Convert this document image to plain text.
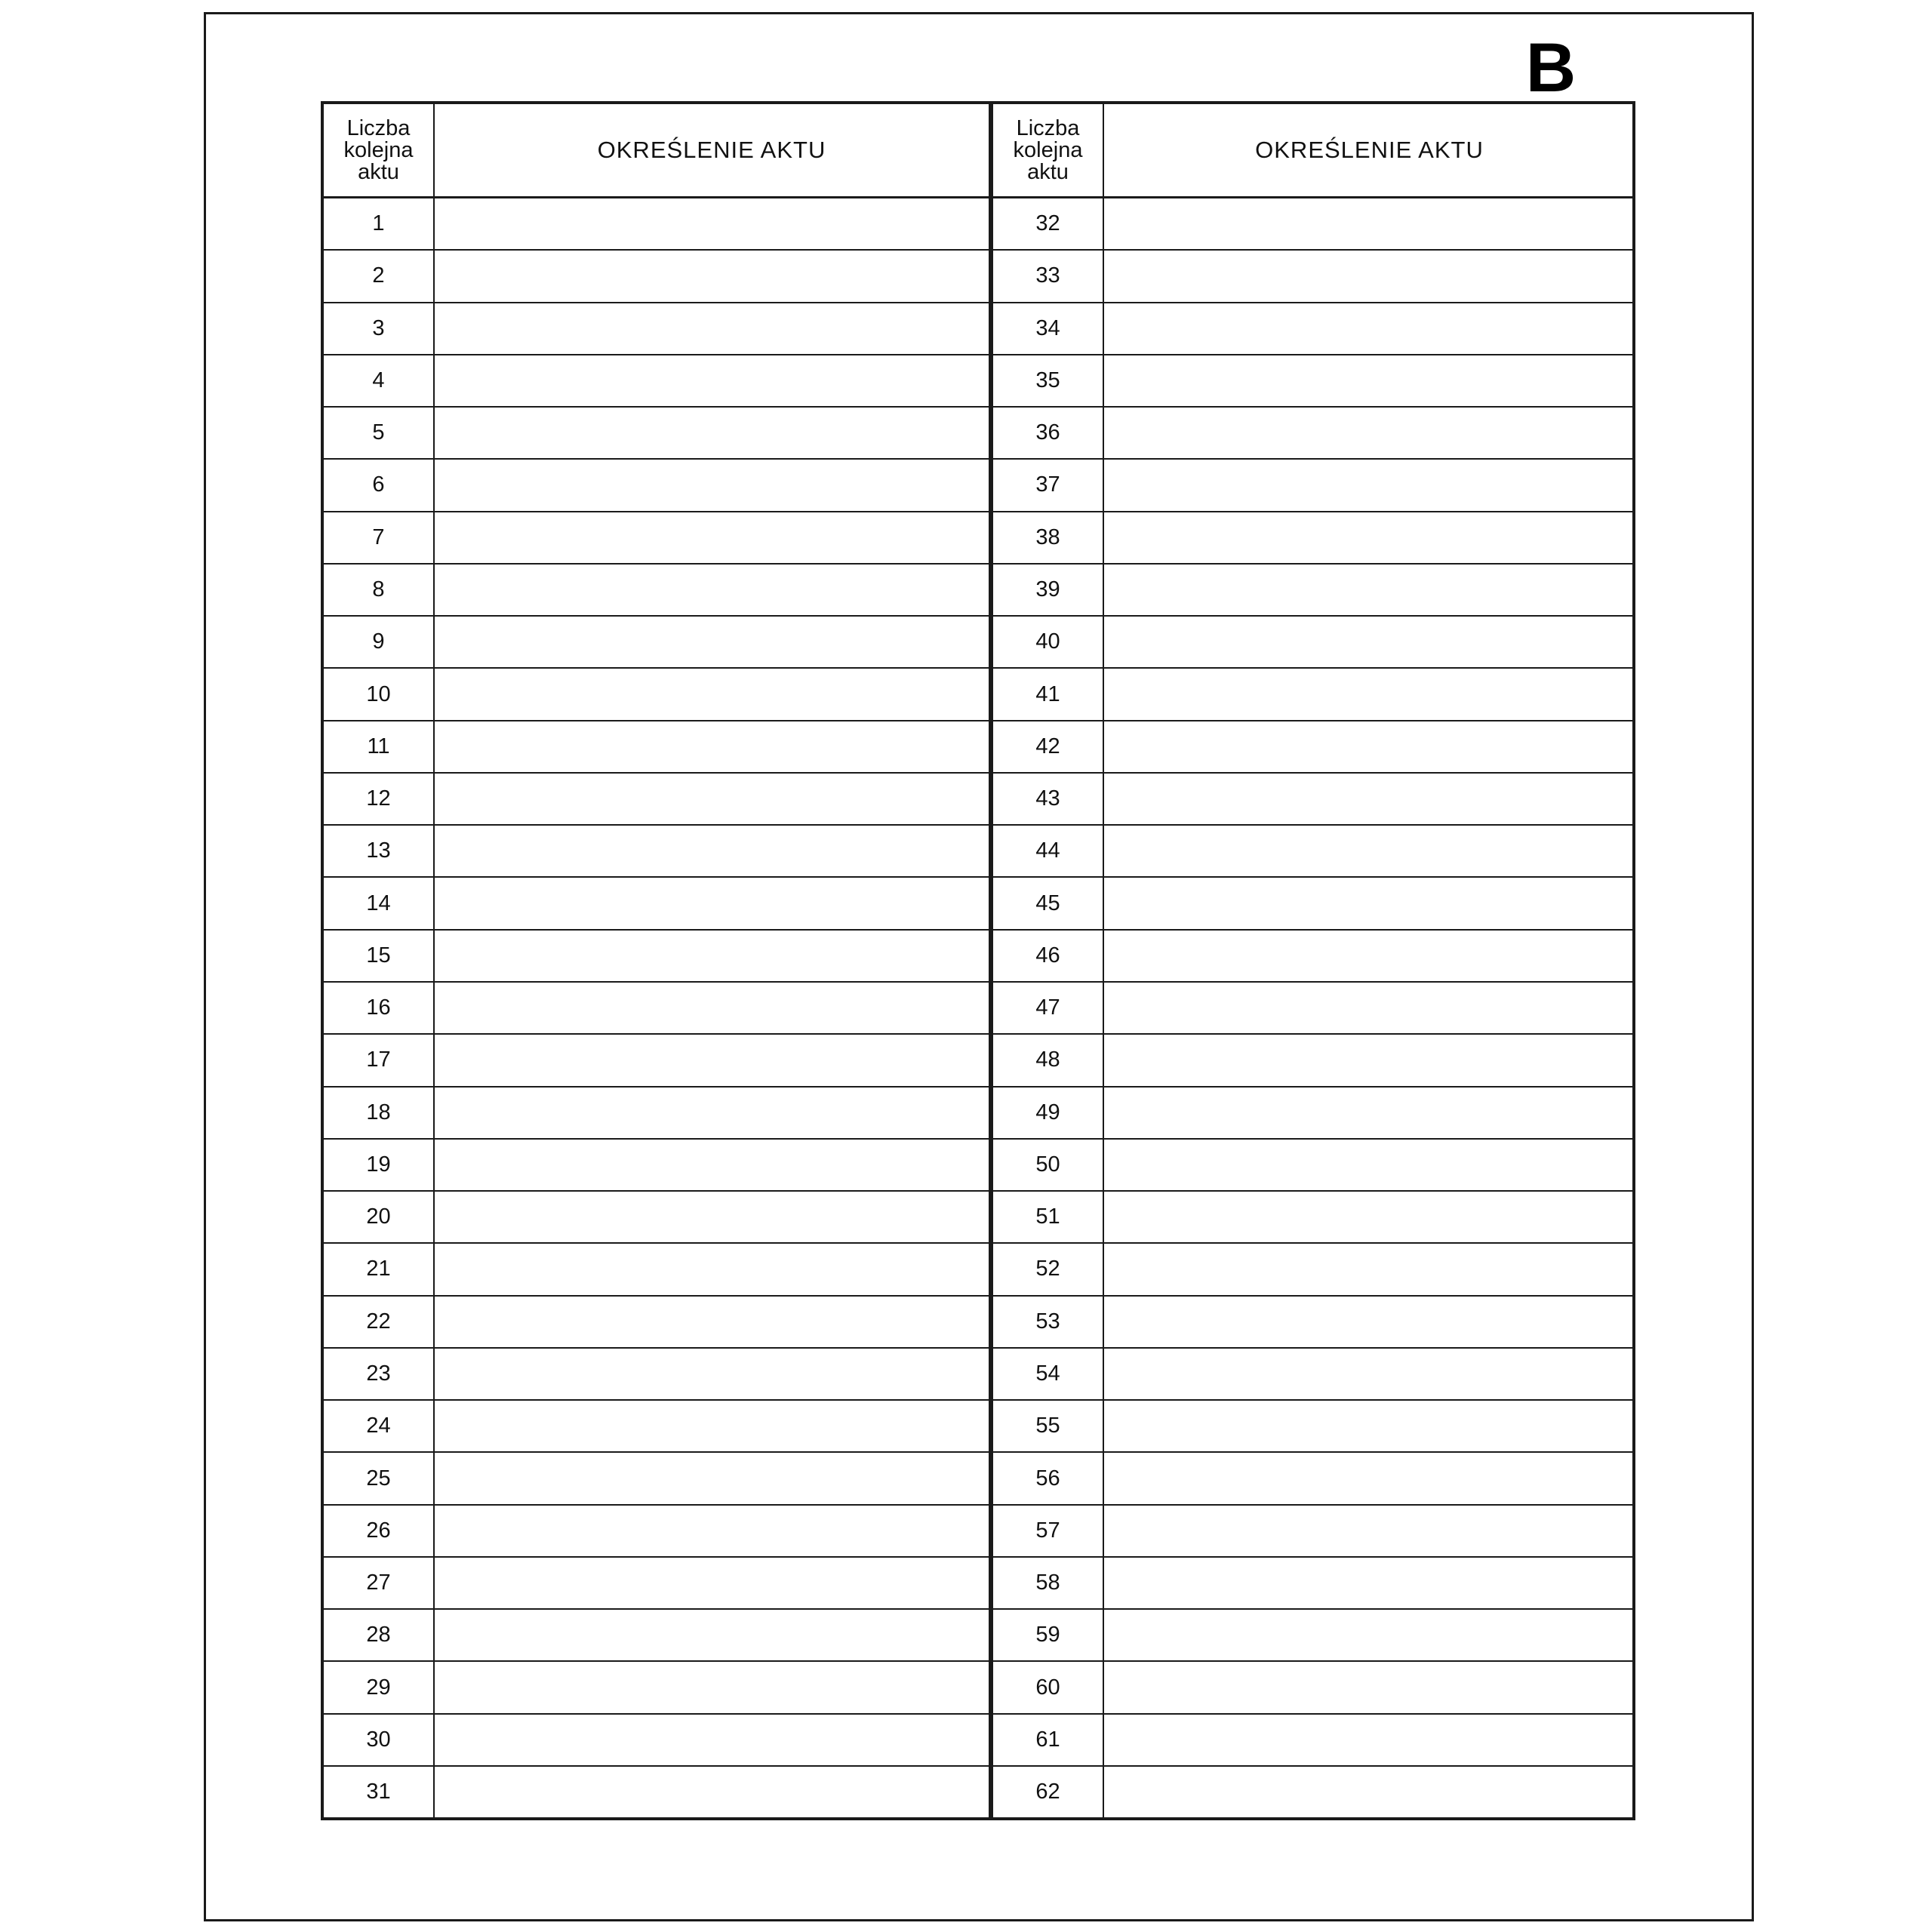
B
Liczba
kolejna
aktu
OKREŚLENIE AKTU
1
2
3
4
5
6
7
8
9
10
11
12
13
14
15
16
17
18
19
20
21
22
23
24
25
26
27
28
29
30
31
Liczba
kolejna
aktu
OKREŚLENIE AKTU
32
33
34
35
36
37
38
39
40
41
42
43
44
45
46
47
48
49
50
51
52
53
54
55
56
57
58
59
60
61
62
